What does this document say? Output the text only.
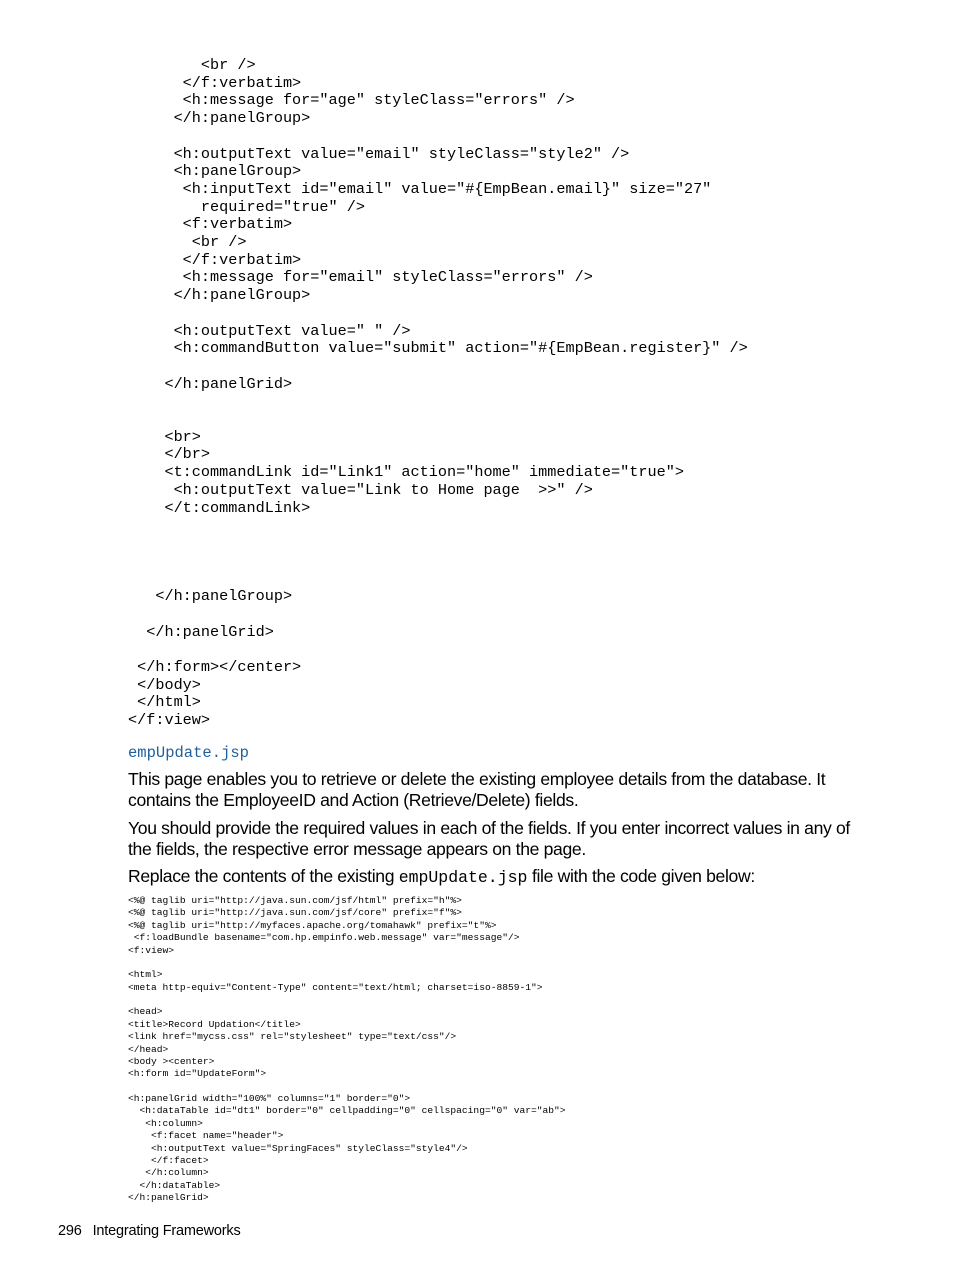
<br />
</f:verbatim>
<h:message for="age" styleClass="errors" />
</h:panelGroup>

<h:outputText value="email" styleClass="style2" />
<h:panelGroup>
<h:inputText id="email" value="#{EmpBean.email}" size="27"
required="true" />
<f:verbatim>
<br />
</f:verbatim>
<h:message for="email" styleClass="errors" />
</h:panelGroup>

<h:outputText value=" " />
<h:commandButton value="submit" action="#{EmpBean.register}" />

</h:panelGrid>

<br>
</br>
<t:commandLink id="Link1" action="home" immediate="true">
<h:outputText value="Link to Home page  >>" />
</t:commandLink>

</h:panelGroup>

</h:panelGrid>

</h:form></center>
</body>
</html>
</f:view>
empUpdate.jsp

This page enables you to retrieve or delete the existing employee details from the database. It contains the EmployeeID and Action (Retrieve/Delete) fields.

You should provide the required values in each of the fields. If you enter incorrect values in any of the fields, the respective error message appears on the page.

Replace the contents of the existing empUpdate.jsp file with the code given below:

<%@ taglib uri="http://java.sun.com/jsf/html" prefix="h"%>
<%@ taglib uri="http://java.sun.com/jsf/core" prefix="f"%>
<%@ taglib uri="http://myfaces.apache.org/tomahawk" prefix="t"%>
<f:loadBundle basename="com.hp.empinfo.web.message" var="message"/>
<f:view>

<html>
<meta http-equiv="Content-Type" content="text/html; charset=iso-8859-1">

<head>
<title>Record Updation</title>
<link href="mycss.css" rel="stylesheet" type="text/css"/>
</head>
<body ><center>
<h:form id="UpdateForm">

<h:panelGrid width="100%" columns="1" border="0">
<h:dataTable id="dt1" border="0" cellpadding="0" cellspacing="0" var="ab">
<h:column>
<f:facet name="header">
<h:outputText value="SpringFaces" styleClass="style4"/>
</f:facet>
</h:column>
</h:dataTable>
</h:panelGrid>
296 Integrating Frameworks
